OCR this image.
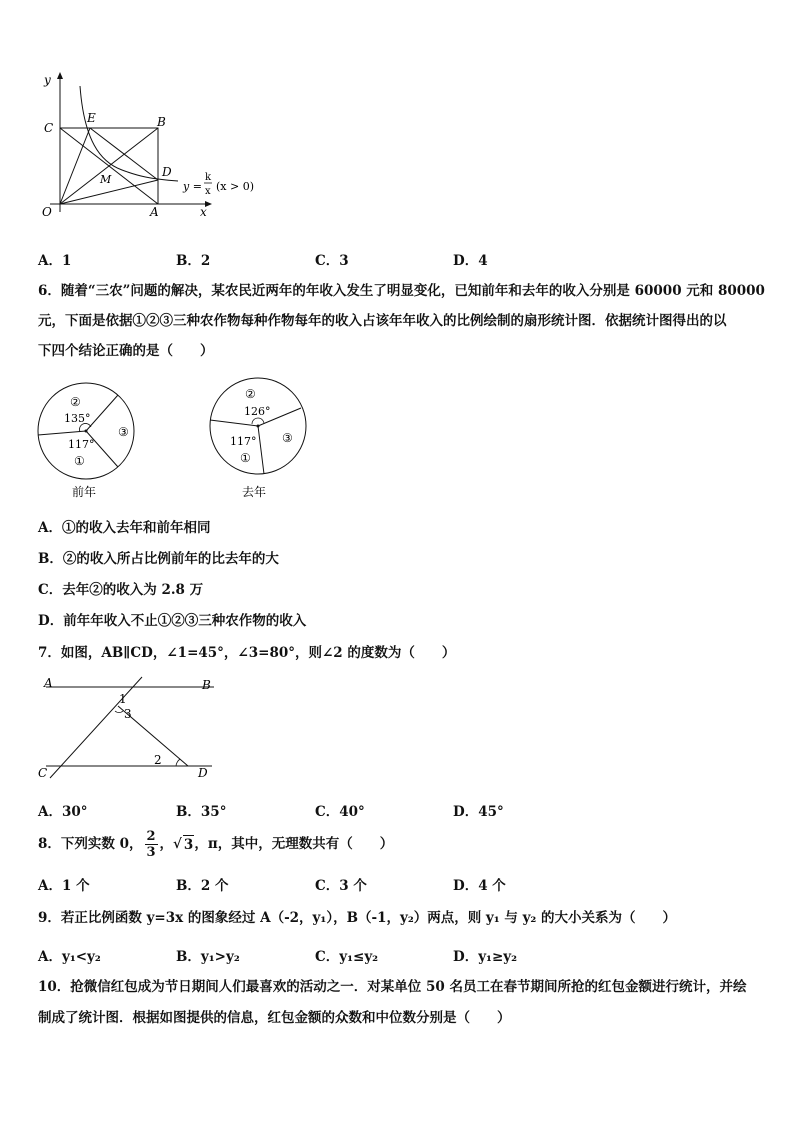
y
x
O
C
E	B
D
M
A
y =
k
x (x > 0)
A．1	B．2	C．3	D．4
6．随着“三农”问题的解决，某农民近两年的年收入发生了明显变化，已知前年和去年的收入分别是 60000 元和 80000
元，下面是依据①②③三种农作物每种作物每年的收入占该年年收入的比例绘制的扇形统计图．依据统计图得出的以
下四个结论正确的是（　　）
②
135°
③
117°
①
前年
②
126°
③
117°
①
去年
A．①的收入去年和前年相同
B．②的收入所占比例前年的比去年的大
C．去年②的收入为 2.8 万
D．前年年收入不止①②③三种农作物的收入
7．如图，AB∥CD，∠1=45°，∠3=80°，则∠2 的度数为（　　）
A	B
C	D
1
3
2
A．30°	B．35°	C．40°	D．45°
8．下列实数 0， $\frac{2}{3}$ ， √ 3 ，π，其中，无理数共有（　　）
A．1 个	B．2 个	C．3 个	D．4 个
9．若正比例函数 y=3x 的图象经过 A（-2，y₁），B（-1，y₂）两点，则 y₁ 与 y₂ 的大小关系为（　　）
A．y₁<y₂	B．y₁>y₂	C．y₁≤y₂	D．y₁≥y₂
10．抢微信红包成为节日期间人们最喜欢的活动之一．对某单位 50 名员工在春节期间所抢的红包金额进行统计，并绘
制成了统计图．根据如图提供的信息，红包金额的众数和中位数分别是（　　）
